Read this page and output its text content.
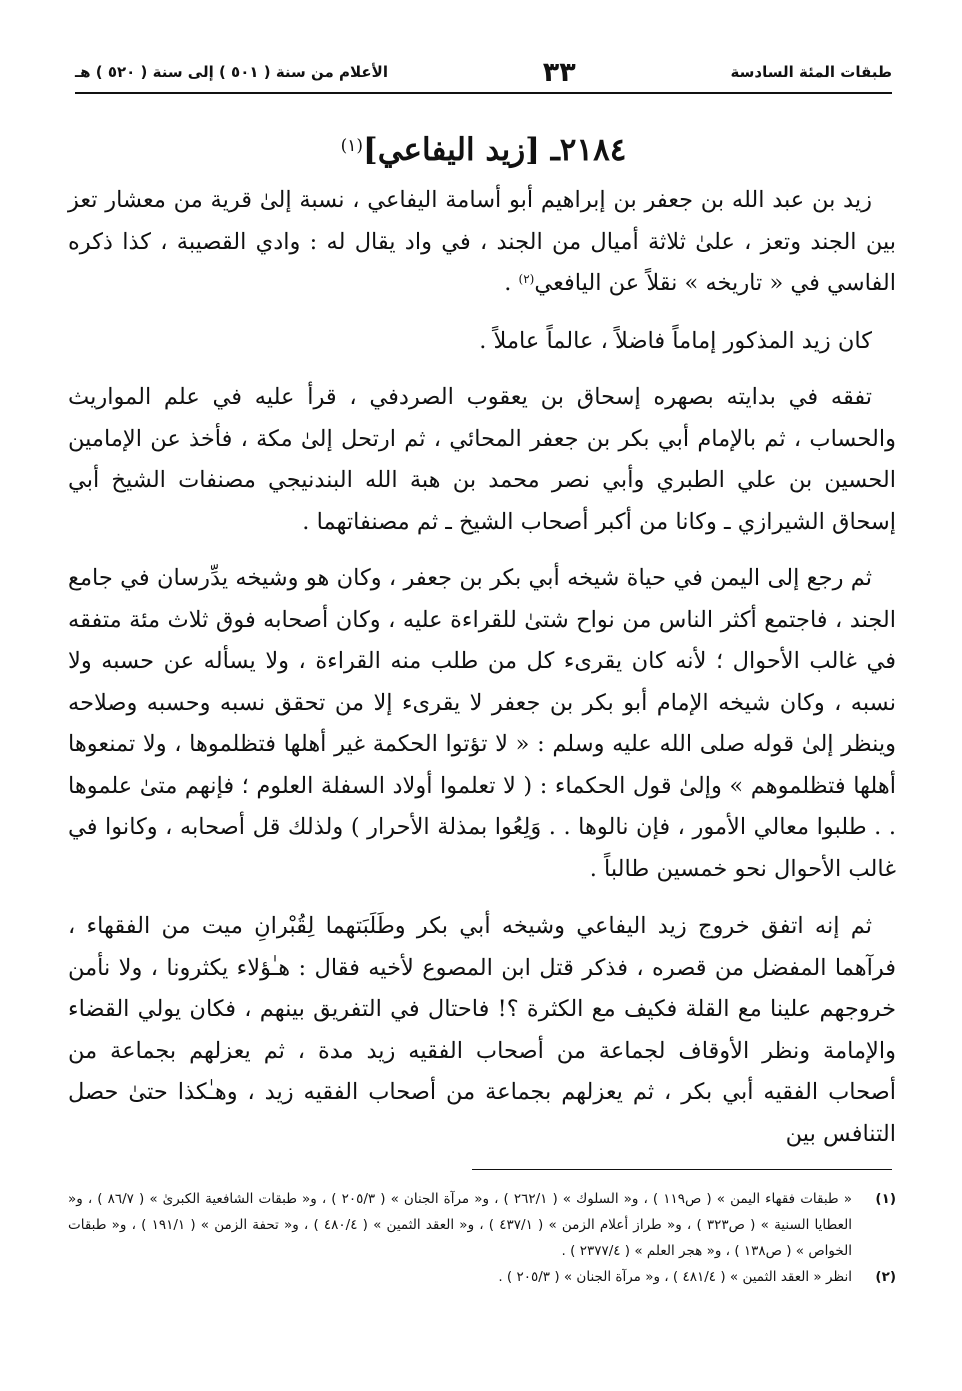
طبقات المئة السادسة
٣٣
الأعلام من سنة ( ٥٠١ ) إلى سنة ( ٥٢٠ ) هـ
٢١٨٤ـ [زيد اليفاعي]$^{(١)}$

زيد بن عبد الله بن جعفر بن إبراهيم أبو أسامة اليفاعي ، نسبة إلىٰ قرية من معشار تعز بين الجند وتعز ، علىٰ ثلاثة أميال من الجند ، في واد يقال له : وادي القصيبة ، كذا ذكره الفاسي في « تاريخه » نقلاً عن اليافعي$^{(٢)}$ .

كان زيد المذكور إماماً فاضلاً ، عالماً عاملاً .

تفقه في بدايته بصهره إسحاق بن يعقوب الصردفي ، قرأ عليه في علم المواريث والحساب ، ثم بالإمام أبي بكر بن جعفر المحائي ، ثم ارتحل إلىٰ مكة ، فأخذ عن الإمامين الحسين بن علي الطبري وأبي نصر محمد بن هبة الله البندنيجي مصنفات الشيخ أبي إسحاق الشيرازي ـ وكانا من أكبر أصحاب الشيخ ـ ثم مصنفاتهما .

ثم رجع إلى اليمن في حياة شيخه أبي بكر بن جعفر ، وكان هو وشيخه يدِّرسان في جامع الجند ، فاجتمع أكثر الناس من نواح شتىٰ للقراءة عليه ، وكان أصحابه فوق ثلاث مئة متفقه في غالب الأحوال ؛ لأنه كان يقرىء كل من طلب منه القراءة ، ولا يسأله عن حسبه ولا نسبه ، وكان شيخه الإمام أبو بكر بن جعفر لا يقرىء إلا من تحقق نسبه وحسبه وصلاحه وينظر إلىٰ قوله صلى الله عليه وسلم : « لا تؤتوا الحكمة غير أهلها فتظلموها ، ولا تمنعوها أهلها فتظلموهم » وإلىٰ قول الحكماء : ( لا تعلموا أولاد السفلة العلوم ؛ فإنهم متىٰ علموها . . طلبوا معالي الأمور ، فإن نالوها . . وَلِعُوا بمذلة الأحرار ) ولذلك قل أصحابه ، وكانوا في غالب الأحوال نحو خمسين طالباً .

ثم إنه اتفق خروج زيد اليفاعي وشيخه أبي بكر وطَلَبَتهما لِقُبْرانِ ميت من الفقهاء ، فرآهما المفضل من قصره ، فذكر قتل ابن المصوع لأخيه فقال : هـٰؤلاء يكثرونا ، ولا نأمن خروجهم علينا مع القلة فكيف مع الكثرة ؟! فاحتال في التفريق بينهم ، فكان يولي القضاء والإمامة ونظر الأوقاف لجماعة من أصحاب الفقيه زيد مدة ، ثم يعزلهم بجماعة من أصحاب الفقيه أبي بكر ، ثم يعزلهم بجماعة من أصحاب الفقيه زيد ، وهـٰكذا حتىٰ حصل التنافس بين

(١)
« طبقات فقهاء اليمن » ( ص١١٩ ) ، و« السلوك » ( ٢٦٢/١ ) ، و« مرآة الجنان » ( ٢٠٥/٣ ) ، و« طبقات الشافعية الكبرىٰ » ( ٨٦/٧ ) ، و« العطايا السنية » ( ص٣٢٣ ) ، و« طراز أعلام الزمن » ( ٤٣٧/١ ) ، و« العقد الثمين » ( ٤٨٠/٤ ) ، و« تحفة الزمن » ( ١٩١/١ ) ، و« طبقات الخواص » ( ص١٣٨ ) ، و« هجر العلم » ( ٢٣٧٧/٤ ) .
(٢)
انظر « العقد الثمين » ( ٤٨١/٤ ) ، و« مرآة الجنان » ( ٢٠٥/٣ ) .
